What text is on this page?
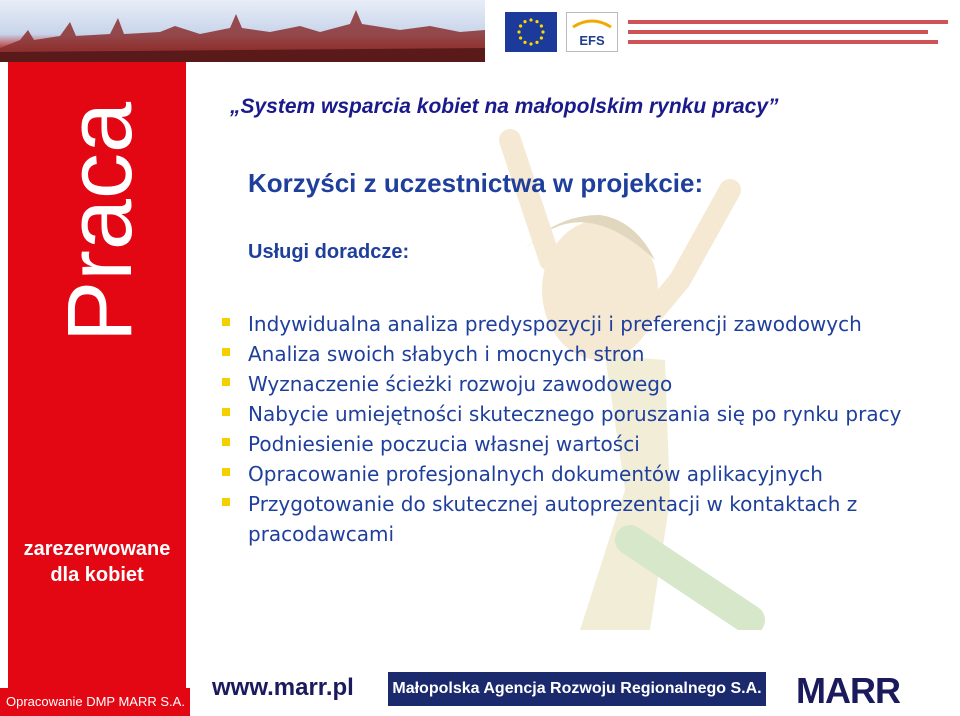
EFS
Praca
zarezerwowane
dla kobiet
„System wsparcia kobiet na małopolskim rynku pracy”
Korzyści z uczestnictwa w projekcie:
Usługi doradcze:
Indywidualna analiza predyspozycji i preferencji zawodowych
Analiza swoich słabych i mocnych stron
Wyznaczenie ścieżki rozwoju zawodowego
Nabycie umiejętności skutecznego poruszania się po rynku pracy
Podniesienie poczucia własnej wartości
Opracowanie profesjonalnych dokumentów aplikacyjnych
Przygotowanie do skutecznej autoprezentacji w kontaktach z pracodawcami
Opracowanie DMP MARR S.A.
www.marr.pl Małopolska Agencja Rozwoju Regionalnego S.A. MARR
